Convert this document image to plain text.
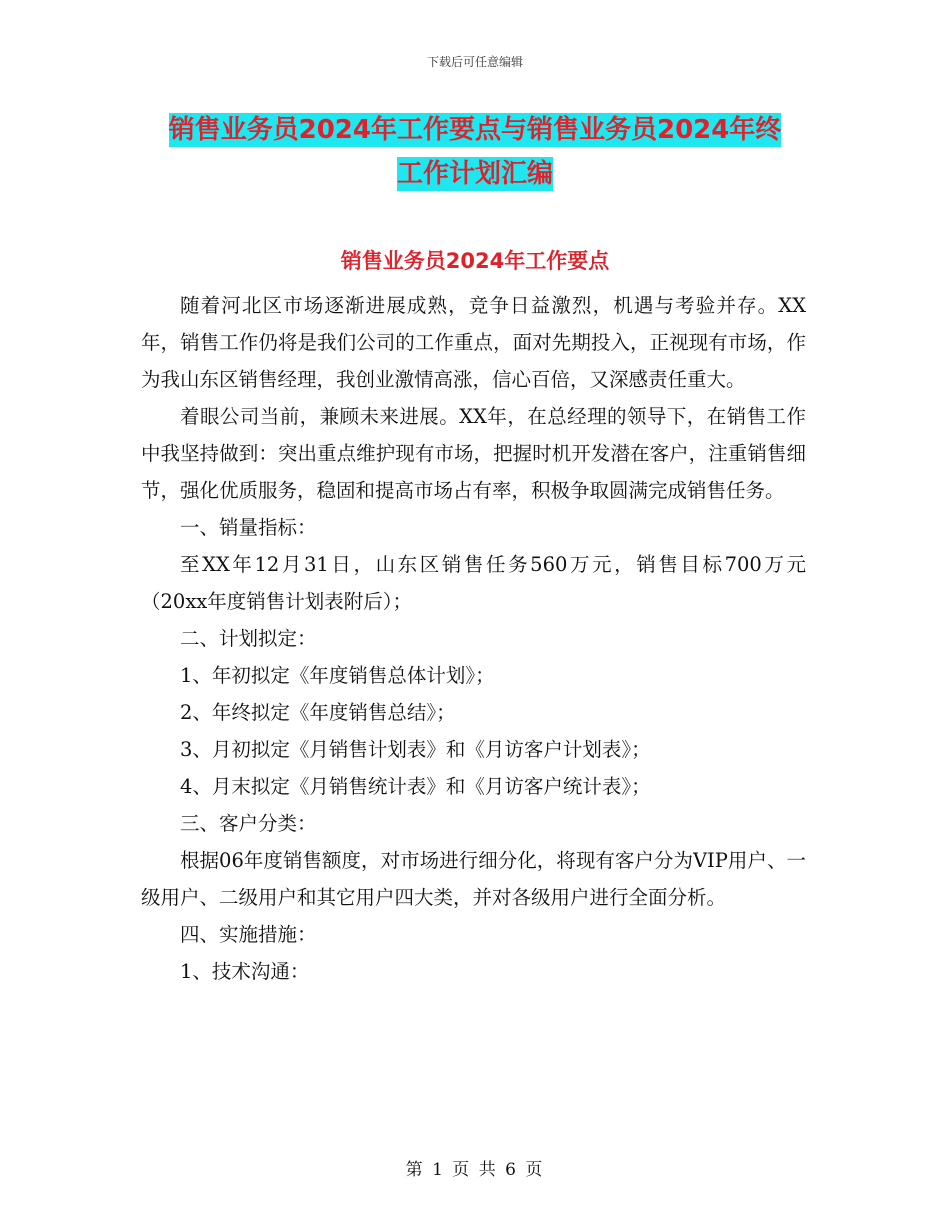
下载后可任意编辑
销售业务员2024年工作要点与销售业务员2024年终
工作计划汇编
销售业务员2024年工作要点

随着河北区市场逐渐进展成熟，竞争日益激烈，机遇与考验并存。XX年，销售工作仍将是我们公司的工作重点，面对先期投入，正视现有市场，作为我山东区销售经理，我创业激情高涨，信心百倍，又深感责任重大。

着眼公司当前，兼顾未来进展。XX年，在总经理的领导下，在销售工作中我坚持做到：突出重点维护现有市场，把握时机开发潜在客户，注重销售细节，强化优质服务，稳固和提高市场占有率，积极争取圆满完成销售任务。

一、销量指标：

至XX年12月31日，山东区销售任务560万元，销售目标700万元（20xx年度销售计划表附后）；

二、计划拟定：

1、年初拟定《年度销售总体计划》；

2、年终拟定《年度销售总结》；

3、月初拟定《月销售计划表》和《月访客户计划表》；

4、月末拟定《月销售统计表》和《月访客户统计表》；

三、客户分类：

根据06年度销售额度，对市场进行细分化，将现有客户分为VIP用户、一级用户、二级用户和其它用户四大类，并对各级用户进行全面分析。

四、实施措施：

1、技术沟通：

第 1 页 共 6 页
